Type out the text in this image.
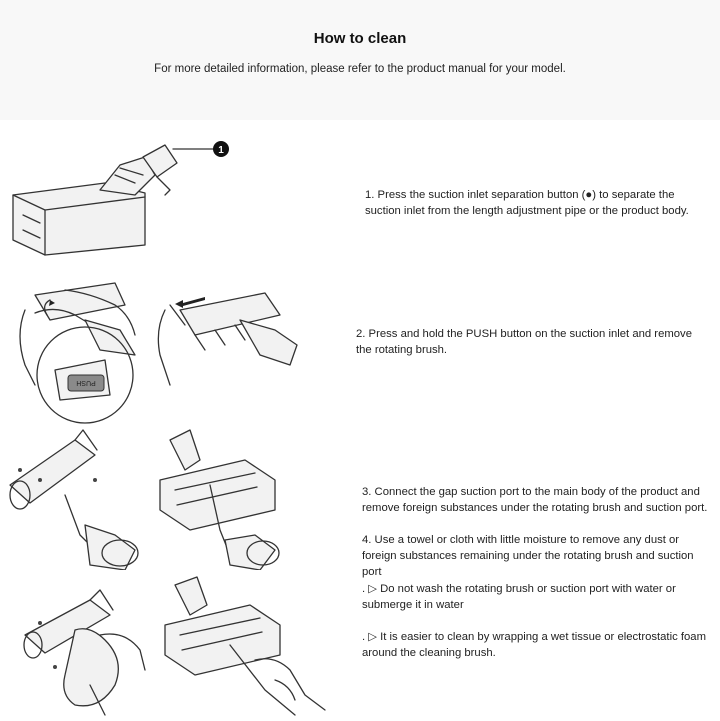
How to clean
For more detailed information, please refer to the product manual for your model.
1
PUSH

1. Press the suction inlet separation button (●) to separate the suction inlet from the length adjustment pipe or the product body.

2. Press and hold the PUSH button on the suction inlet and remove the rotating brush.

3. Connect the gap suction port to the main body of the product and remove foreign substances under the rotating brush and suction port.

4. Use a towel or cloth with little moisture to remove any dust or foreign substances remaining under the rotating brush and suction port

. ▷ Do not wash the rotating brush or suction port with water or submerge it in water

. ▷ It is easier to clean by wrapping a wet tissue or electrostatic foam around the cleaning brush.
